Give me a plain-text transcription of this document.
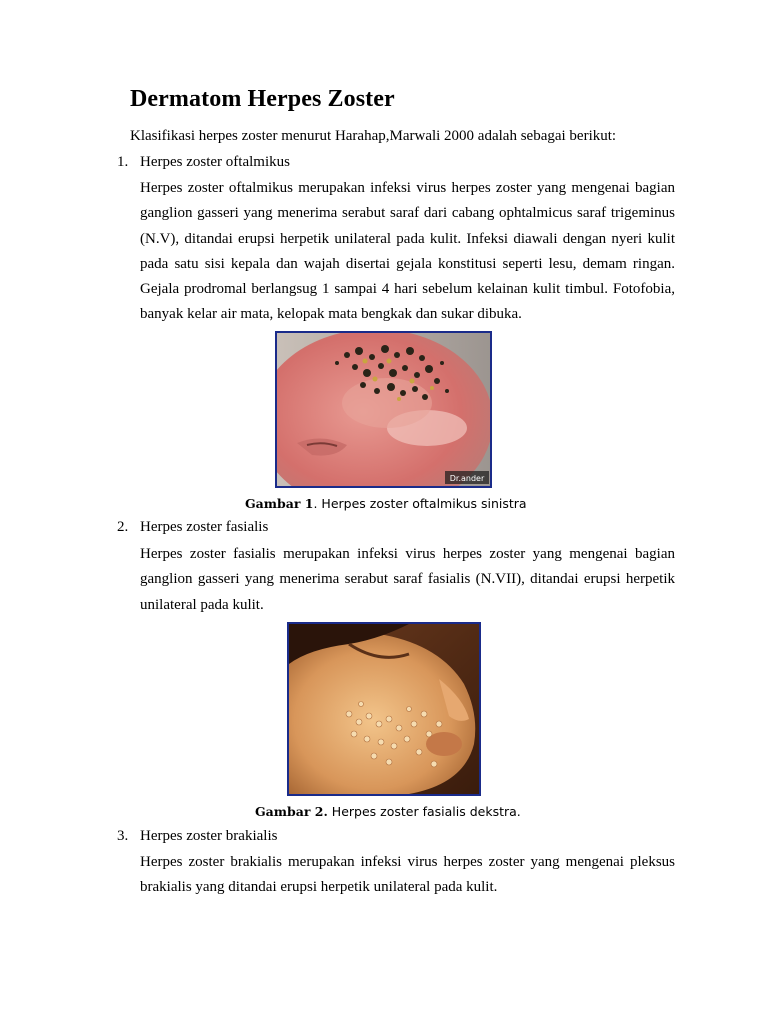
Dermatom Herpes Zoster

Klasifikasi herpes zoster menurut Harahap,Marwali 2000 adalah sebagai berikut:

1. Herpes zoster oftalmikus

Herpes zoster oftalmikus merupakan infeksi virus herpes zoster yang mengenai bagian ganglion gasseri yang menerima serabut saraf dari cabang ophtalmicus saraf trigeminus (N.V), ditandai erupsi herpetik unilateral pada kulit. Infeksi diawali dengan nyeri kulit pada satu sisi kepala dan wajah disertai gejala konstitusi seperti lesu, demam ringan. Gejala prodromal berlangsug 1 sampai 4 hari sebelum kelainan kulit timbul. Fotofobia, banyak kelar air mata, kelopak mata bengkak dan sukar dibuka.

Dr.ander

Gambar 1. Herpes zoster oftalmikus sinistra

2. Herpes zoster fasialis

Herpes zoster fasialis merupakan infeksi virus herpes zoster yang mengenai bagian ganglion gasseri yang menerima serabut saraf fasialis (N.VII), ditandai erupsi herpetik unilateral pada kulit.

Gambar 2. Herpes zoster fasialis dekstra.

3. Herpes zoster brakialis

Herpes zoster brakialis merupakan infeksi virus herpes zoster yang mengenai pleksus brakialis yang ditandai erupsi herpetik unilateral pada kulit.
